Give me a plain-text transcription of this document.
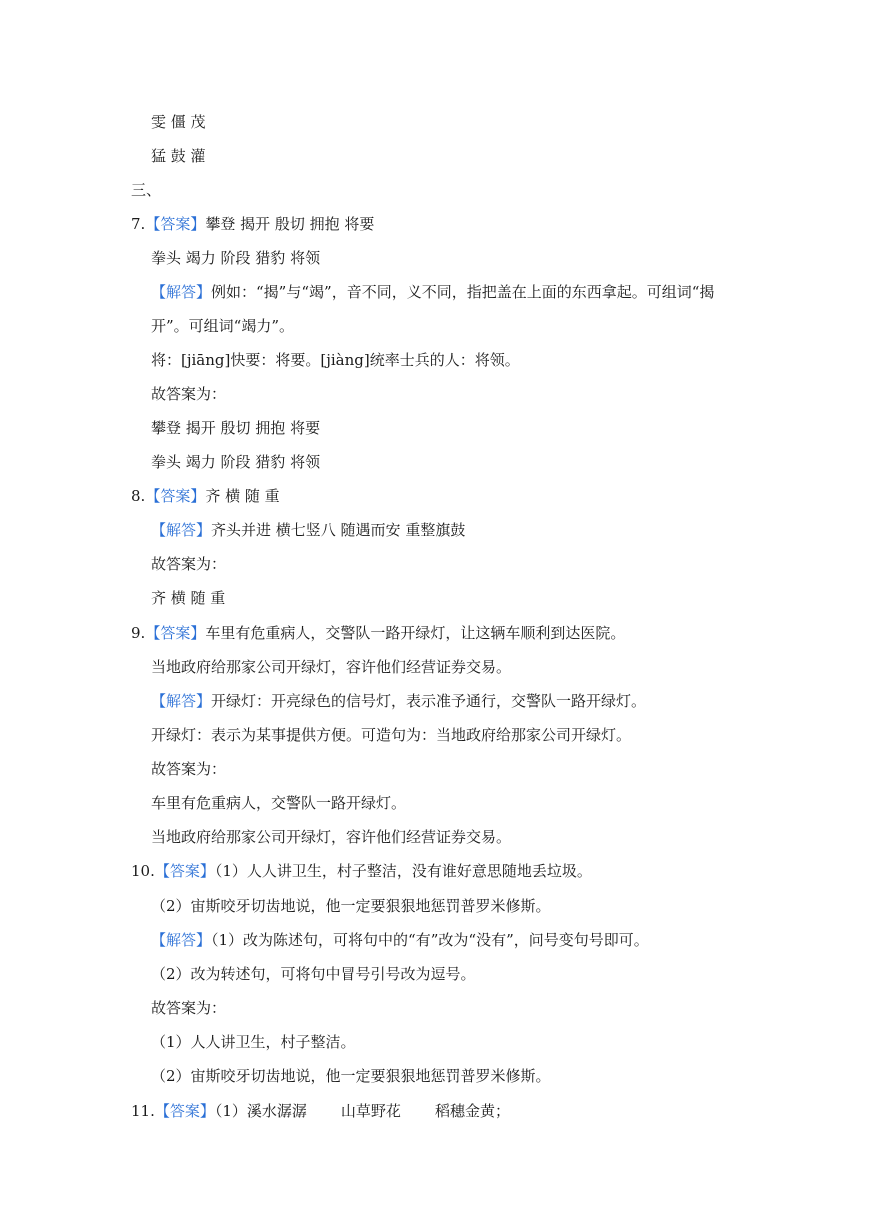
雯 僵 茂
猛 鼓 灌
三、
7.【答案】攀登 揭开 殷切 拥抱 将要
拳头 竭力 阶段 猎豹 将领
【解答】例如：“揭”与“竭”，音不同，义不同，指把盖在上面的东西拿起。可组词“揭
开”。可组词“竭力”。
将：[jiāng]快要：将要。[jiàng]统率士兵的人：将领。
故答案为：
攀登 揭开 殷切 拥抱 将要
拳头 竭力 阶段 猎豹 将领
8.【答案】齐 横 随 重
【解答】齐头并进 横七竖八 随遇而安 重整旗鼓
故答案为：
齐 横 随 重
9.【答案】车里有危重病人，交警队一路开绿灯，让这辆车顺利到达医院。
当地政府给那家公司开绿灯，容许他们经营证券交易。
【解答】开绿灯：开亮绿色的信号灯，表示准予通行，交警队一路开绿灯。
开绿灯：表示为某事提供方便。可造句为：当地政府给那家公司开绿灯。
故答案为：
车里有危重病人，交警队一路开绿灯。
当地政府给那家公司开绿灯，容许他们经营证券交易。
10.【答案】（1）人人讲卫生，村子整洁，没有谁好意思随地丢垃圾。
（2）宙斯咬牙切齿地说，他一定要狠狠地惩罚普罗米修斯。
【解答】（1）改为陈述句，可将句中的“有”改为“没有”，问号变句号即可。
（2）改为转述句，可将句中冒号引号改为逗号。
故答案为：
（1）人人讲卫生，村子整洁。
（2）宙斯咬牙切齿地说，他一定要狠狠地惩罚普罗米修斯。
11.【答案】（1）溪水潺潺 山草野花 稻穗金黄；
